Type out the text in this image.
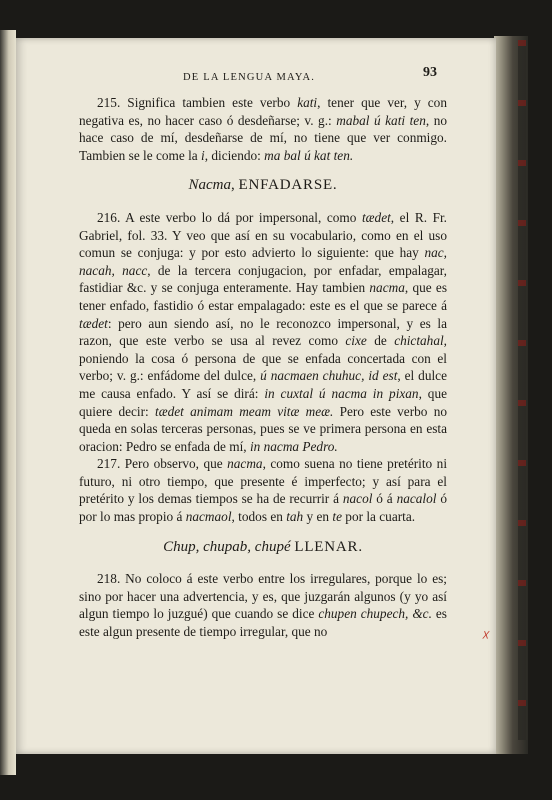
DE LA LENGUA MAYA.	93

215. Significa tambien este verbo kati, tener que ver, y con negativa es, no hacer caso ó desdeñarse; v. g.: mabal ú kati ten, no hace caso de mí, desdeñarse de mí, no tiene que ver conmigo. Tambien se le come la i, diciendo: ma bal ú kat ten.

Nacma, ENFADARSE.

216. A este verbo lo dá por impersonal, como tædet, el R. Fr. Gabriel, fol. 33. Y veo que así en su vocabulario, como en el uso comun se conjuga: y por esto advierto lo siguiente: que hay nac, nacah, nacc, de la tercera conjugacion, por enfadar, empalagar, fastidiar &c. y se conjuga enteramente. Hay tambien nacma, que es tener enfado, fastidio ó estar empalagado: este es el que se parece á tædet: pero aun siendo así, no le reconozco impersonal, y es la razon, que este verbo se usa al revez como cixe de chictahal, poniendo la cosa ó persona de que se enfada concertada con el verbo; v. g.: enfádome del dulce, ú nacmaen chuhuc, id est, el dulce me causa enfado. Y así se dirá: in cuxtal ú nacma in pixan, que quiere decir: tædet animam meam vitæ meæ. Pero este verbo no queda en solas terceras personas, pues se ve primera persona en esta oracion: Pedro se enfada de mí, in nacma Pedro.

217. Pero observo, que nacma, como suena no tiene pretérito ni futuro, ni otro tiempo, que presente é imperfecto; y así para el pretérito y los demas tiempos se ha de recurrir á nacol ó á nacalol ó por lo mas propio á nacmaol, todos en tah y en te por la cuarta.

Chup, chupab, chupé LLENAR.

218. No coloco á este verbo entre los irregulares, porque lo es; sino por hacer una advertencia, y es, que juzgarán algunos (y yo así algun tiempo lo juzgué) que cuando se dice chupen chupech, &c. es este algun presente de tiempo irregular, que no	☓
